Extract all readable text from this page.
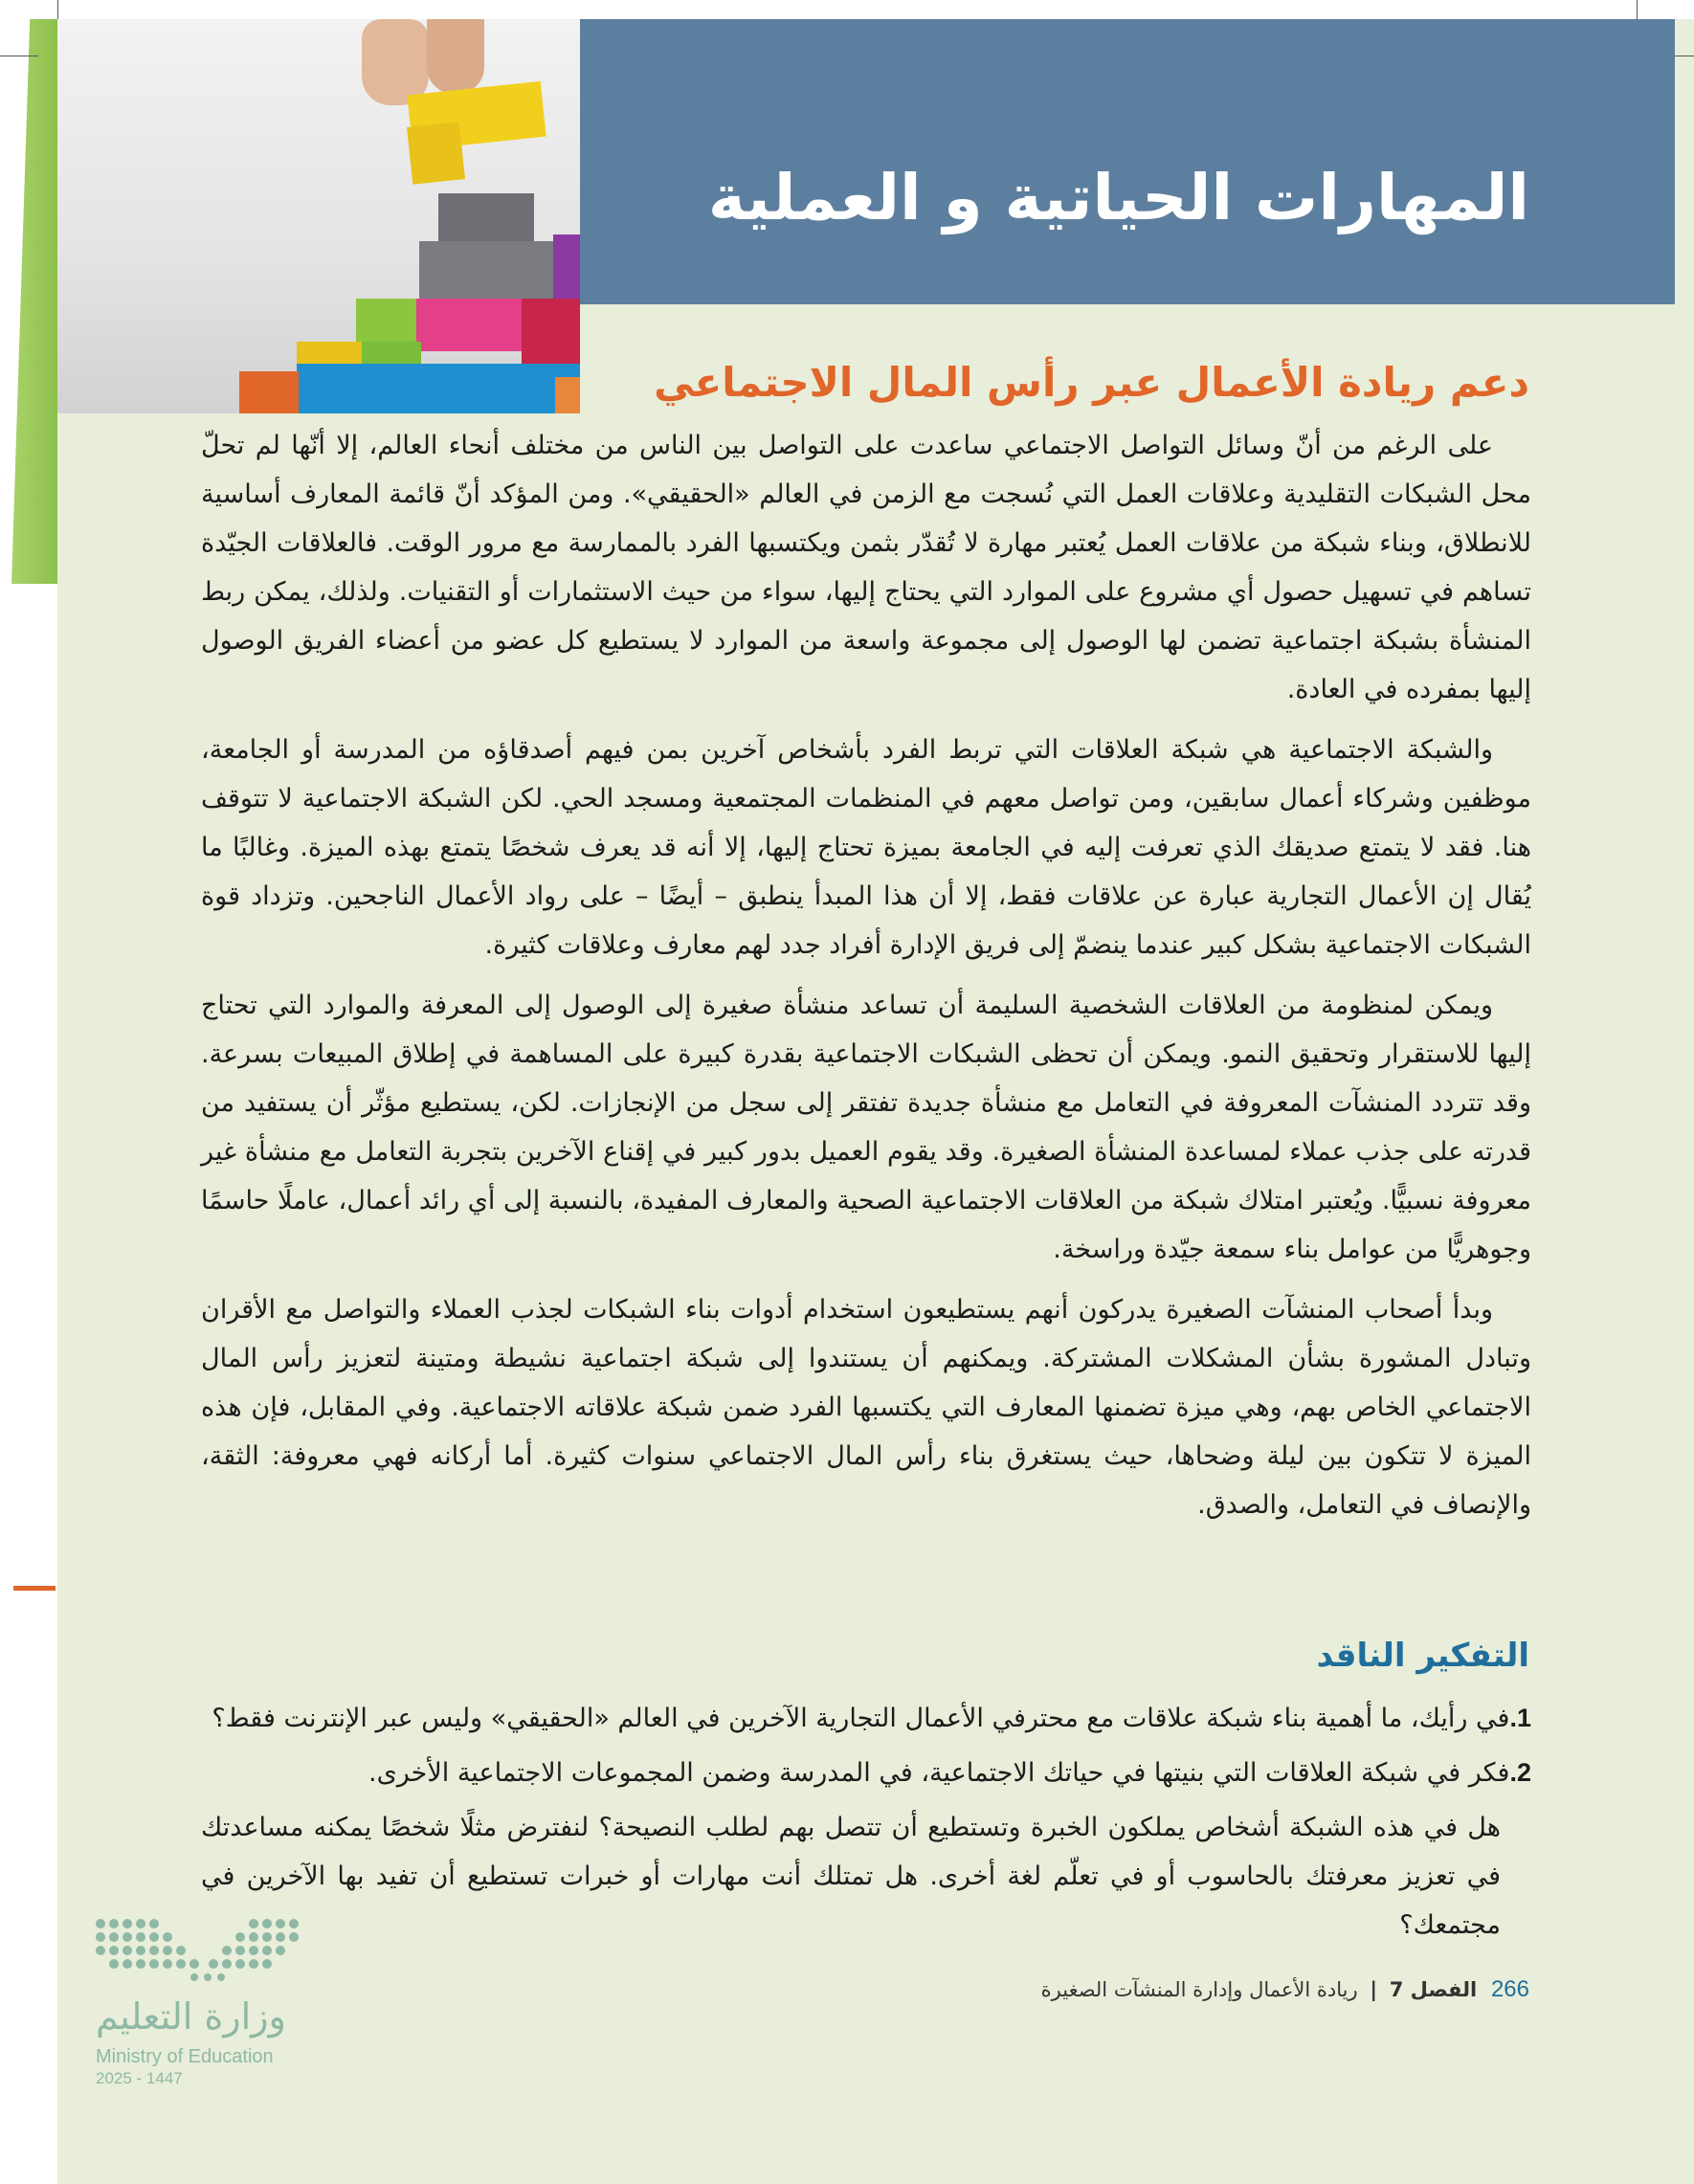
المهارات الحياتية و العملية
دعم ريادة الأعمال عبر رأس المال الاجتماعي

على الرغم من أنّ وسائل التواصل الاجتماعي ساعدت على التواصل بين الناس من مختلف أنحاء العالم، إلا أنّها لم تحلّ محل الشبكات التقليدية وعلاقات العمل التي نُسجت مع الزمن في العالم «الحقيقي». ومن المؤكد أنّ قائمة المعارف أساسية للانطلاق، وبناء شبكة من علاقات العمل يُعتبر مهارة لا تُقدّر بثمن ويكتسبها الفرد بالممارسة مع مرور الوقت. فالعلاقات الجيّدة تساهم في تسهيل حصول أي مشروع على الموارد التي يحتاج إليها، سواء من حيث الاستثمارات أو التقنيات. ولذلك، يمكن ربط المنشأة بشبكة اجتماعية تضمن لها الوصول إلى مجموعة واسعة من الموارد لا يستطيع كل عضو من أعضاء الفريق الوصول إليها بمفرده في العادة.

والشبكة الاجتماعية هي شبكة العلاقات التي تربط الفرد بأشخاص آخرين بمن فيهم أصدقاؤه من المدرسة أو الجامعة، موظفين وشركاء أعمال سابقين، ومن تواصل معهم في المنظمات المجتمعية ومسجد الحي. لكن الشبكة الاجتماعية لا تتوقف هنا. فقد لا يتمتع صديقك الذي تعرفت إليه في الجامعة بميزة تحتاج إليها، إلا أنه قد يعرف شخصًا يتمتع بهذه الميزة. وغالبًا ما يُقال إن الأعمال التجارية عبارة عن علاقات فقط، إلا أن هذا المبدأ ينطبق – أيضًا – على رواد الأعمال الناجحين. وتزداد قوة الشبكات الاجتماعية بشكل كبير عندما ينضمّ إلى فريق الإدارة أفراد جدد لهم معارف وعلاقات كثيرة.

ويمكن لمنظومة من العلاقات الشخصية السليمة أن تساعد منشأة صغيرة إلى الوصول إلى المعرفة والموارد التي تحتاج إليها للاستقرار وتحقيق النمو. ويمكن أن تحظى الشبكات الاجتماعية بقدرة كبيرة على المساهمة في إطلاق المبيعات بسرعة. وقد تتردد المنشآت المعروفة في التعامل مع منشأة جديدة تفتقر إلى سجل من الإنجازات. لكن، يستطيع مؤثّر أن يستفيد من قدرته على جذب عملاء لمساعدة المنشأة الصغيرة. وقد يقوم العميل بدور كبير في إقناع الآخرين بتجربة التعامل مع منشأة غير معروفة نسبيًّا. ويُعتبر امتلاك شبكة من العلاقات الاجتماعية الصحية والمعارف المفيدة، بالنسبة إلى أي رائد أعمال، عاملًا حاسمًا وجوهريًّا من عوامل بناء سمعة جيّدة وراسخة.

وبدأ أصحاب المنشآت الصغيرة يدركون أنهم يستطيعون استخدام أدوات بناء الشبكات لجذب العملاء والتواصل مع الأقران وتبادل المشورة بشأن المشكلات المشتركة. ويمكنهم أن يستندوا إلى شبكة اجتماعية نشيطة ومتينة لتعزيز رأس المال الاجتماعي الخاص بهم، وهي ميزة تضمنها المعارف التي يكتسبها الفرد ضمن شبكة علاقاته الاجتماعية. وفي المقابل، فإن هذه الميزة لا تتكون بين ليلة وضحاها، حيث يستغرق بناء رأس المال الاجتماعي سنوات كثيرة. أما أركانه فهي معروفة: الثقة، والإنصاف في التعامل، والصدق.

التفكير الناقد

1.في رأيك، ما أهمية بناء شبكة علاقات مع محترفي الأعمال التجارية الآخرين في العالم «الحقيقي» وليس عبر الإنترنت فقط؟

2.فكر في شبكة العلاقات التي بنيتها في حياتك الاجتماعية، في المدرسة وضمن المجموعات الاجتماعية الأخرى.

هل في هذه الشبكة أشخاص يملكون الخبرة وتستطيع أن تتصل بهم لطلب النصيحة؟ لنفترض مثلًا شخصًا يمكنه مساعدتك في تعزيز معرفتك بالحاسوب أو في تعلّم لغة أخرى. هل تمتلك أنت مهارات أو خبرات تستطيع أن تفيد بها الآخرين في مجتمعك؟

266 الفصل 7 | ريادة الأعمال وإدارة المنشآت الصغيرة

وزارة التعليم

Ministry of Education

2025 - 1447
